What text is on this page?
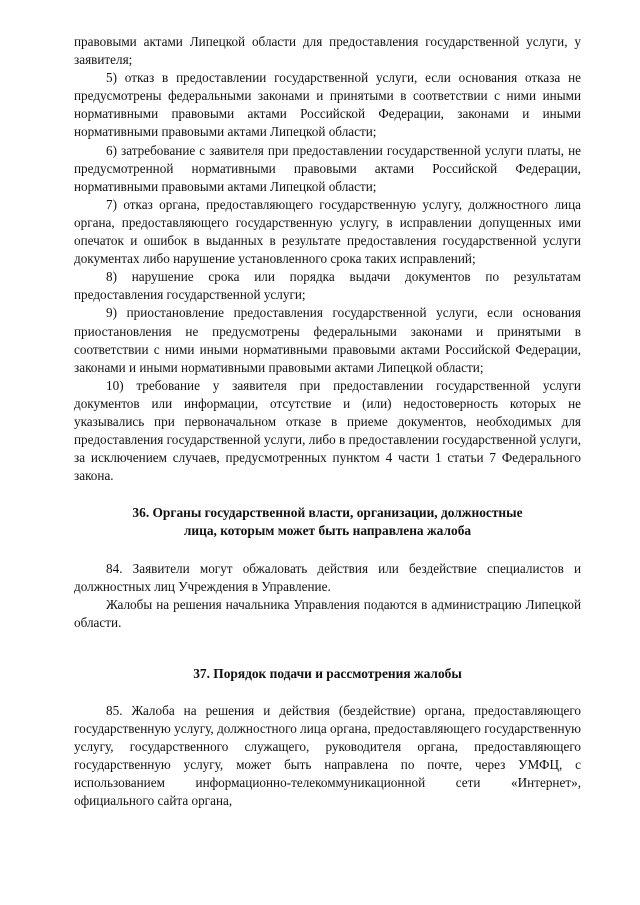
правовыми актами Липецкой области для предоставления государственной услуги, у заявителя;

5) отказ в предоставлении государственной услуги, если основания отказа не предусмотрены федеральными законами и принятыми в соответствии с ними иными нормативными правовыми актами Российской Федерации, законами и иными нормативными правовыми актами Липецкой области;

6) затребование с заявителя при предоставлении государственной услуги платы, не предусмотренной нормативными правовыми актами Российской Федерации, нормативными правовыми актами Липецкой области;

7) отказ органа, предоставляющего государственную услугу, должностного лица органа, предоставляющего государственную услугу, в исправлении допущенных ими опечаток и ошибок в выданных в результате предоставления государственной услуги документах либо нарушение установленного срока таких исправлений;

8) нарушение срока или порядка выдачи документов по результатам предоставления государственной услуги;

9) приостановление предоставления государственной услуги, если основания приостановления не предусмотрены федеральными законами и принятыми в соответствии с ними иными нормативными правовыми актами Российской Федерации, законами и иными нормативными правовыми актами Липецкой области;

10) требование у заявителя при предоставлении государственной услуги документов или информации, отсутствие и (или) недостоверность которых не указывались при первоначальном отказе в приеме документов, необходимых для предоставления государственной услуги, либо в предоставлении государственной услуги, за исключением случаев, предусмотренных пунктом 4 части 1 статьи 7 Федерального закона.

36. Органы государственной власти, организации, должностные
лица, которым может быть направлена жалоба

84. Заявители могут обжаловать действия или бездействие специалистов и должностных лиц Учреждения в Управление.

Жалобы на решения начальника Управления подаются в администрацию Липецкой области.

37. Порядок подачи и рассмотрения жалобы

85. Жалоба на решения и действия (бездействие) органа, предоставляющего государственную услугу, должностного лица органа, предоставляющего государственную услугу, государственного служащего, руководителя органа, предоставляющего государственную услугу, может быть направлена по почте, через УМФЦ, с использованием информационно-телекоммуникационной сети «Интернет», официального сайта органа,
